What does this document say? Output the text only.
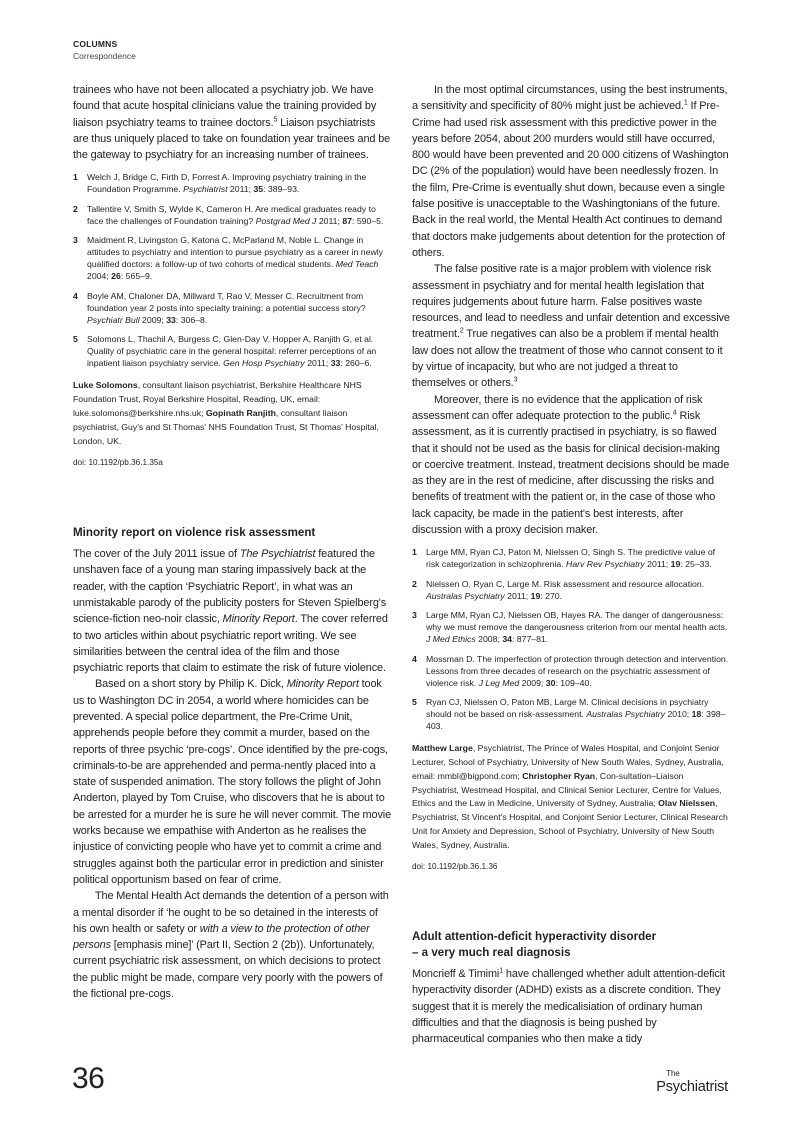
COLUMNS
Correspondence

trainees who have not been allocated a psychiatry job. We have found that acute hospital clinicians value the training provided by liaison psychiatry teams to trainee doctors.$^5$ Liaison psychiatrists are thus uniquely placed to take on foundation year trainees and be the gateway to psychiatry for an increasing number of trainees.

1	Welch J, Bridge C, Firth D, Forrest A. Improving psychiatry training in the Foundation Programme. Psychiatrist 2011; 35: 389–93.
2	Tallentire V, Smith S, Wylde K, Cameron H. Are medical graduates ready to face the challenges of Foundation training? Postgrad Med J 2011; 87: 590–5.
3	Maidment R, Livingston G, Katona C, McParland M, Noble L. Change in attitudes to psychiatry and intention to pursue psychiatry as a career in newly qualified doctors: a follow-up of two cohorts of medical students. Med Teach 2004; 26: 565–9.
4	Boyle AM, Chaloner DA, Millward T, Rao V, Messer C. Recruitment from foundation year 2 posts into specialty training: a potential success story? Psychiatr Bull 2009; 33: 306–8.
5	Solomons L, Thachil A, Burgess C, Glen-Day V, Hopper A, Ranjith G, et al. Quality of psychiatric care in the general hospital: referrer perceptions of an inpatient liaison psychiatry service. Gen Hosp Psychiatry 2011; 33: 260–6.
Luke Solomons, consultant liaison psychiatrist, Berkshire Healthcare NHS Foundation Trust, Royal Berkshire Hospital, Reading, UK, email: luke.solomons@berkshire.nhs.uk; Gopinath Ranjith, consultant liaison psychiatrist, Guy's and St Thomas' NHS Foundation Trust, St Thomas' Hospital, London, UK.
doi: 10.1192/pb.36.1.35a
Minority report on violence risk assessment

The cover of the July 2011 issue of The Psychiatrist featured the unshaven face of a young man staring impassively back at the reader, with the caption ‘Psychiatric Report’, in what was an unmistakable parody of the publicity posters for Steven Spielberg's science-fiction neo-noir classic, Minority Report. The cover referred to two articles within about psychiatric report writing. We see similarities between the central idea of the film and those psychiatric reports that claim to estimate the risk of future violence.

Based on a short story by Philip K. Dick, Minority Report took us to Washington DC in 2054, a world where homicides can be prevented. A special police department, the Pre-Crime Unit, apprehends people before they commit a murder, based on the reports of three psychic ‘pre-cogs’. Once identified by the pre-cogs, criminals-to-be are apprehended and perma-nently placed into a state of suspended animation. The story follows the plight of John Anderton, played by Tom Cruise, who discovers that he is about to be arrested for a murder he is sure he will never commit. The movie works because we empathise with Anderton as he realises the injustice of convicting people who have yet to commit a crime and struggles against both the particular error in prediction and sinister political opportunism based on fear of crime.

The Mental Health Act demands the detention of a person with a mental disorder if ‘he ought to be so detained in the interests of his own health or safety or with a view to the protection of other persons [emphasis mine]’ (Part II, Section 2 (2b)). Unfortunately, current psychiatric risk assessment, on which decisions to protect the public might be made, compare very poorly with the powers of the fictional pre-cogs.

In the most optimal circumstances, using the best instruments, a sensitivity and specificity of 80% might just be achieved.$^1$ If Pre-Crime had used risk assessment with this predictive power in the years before 2054, about 200 murders would still have occurred, 800 would have been prevented and 20 000 citizens of Washington DC (2% of the population) would have been needlessly frozen. In the film, Pre-Crime is eventually shut down, because even a single false positive is unacceptable to the Washingtonians of the future. Back in the real world, the Mental Health Act continues to demand that doctors make judgements about detention for the protection of others.

The false positive rate is a major problem with violence risk assessment in psychiatry and for mental health legislation that requires judgements about future harm. False positives waste resources, and lead to needless and unfair detention and excessive treatment.$^2$ True negatives can also be a problem if mental health law does not allow the treatment of those who cannot consent to it by virtue of incapacity, but who are not judged a threat to themselves or others.$^3$

Moreover, there is no evidence that the application of risk assessment can offer adequate protection to the public.$^4$ Risk assessment, as it is currently practised in psychiatry, is so flawed that it should not be used as the basis for clinical decision-making or coercive treatment. Instead, treatment decisions should be made as they are in the rest of medicine, after discussing the risks and benefits of treatment with the patient or, in the case of those who lack capacity, be made in the patient's best interests, after discussion with a proxy decision maker.

1	Large MM, Ryan CJ, Paton M, Nielssen O, Singh S. The predictive value of risk categorization in schizophrenia. Harv Rev Psychiatry 2011; 19: 25–33.
2	Nielssen O, Ryan C, Large M. Risk assessment and resource allocation. Australas Psychiatry 2011; 19: 270.
3	Large MM, Ryan CJ, Nielssen OB, Hayes RA. The danger of dangerousness: why we must remove the dangerousness criterion from our mental health acts. J Med Ethics 2008; 34: 877–81.
4	Mossman D. The imperfection of protection through detection and intervention. Lessons from three decades of research on the psychiatric assessment of violence risk. J Leg Med 2009; 30: 109–40.
5	Ryan CJ, Nielssen O, Paton MB, Large M. Clinical decisions in psychiatry should not be based on risk-assessment. Australas Psychiatry 2010; 18: 398–403.
Matthew Large, Psychiatrist, The Prince of Wales Hospital, and Conjoint Senior Lecturer, School of Psychiatry, University of New South Wales, Sydney, Australia, email: mmbl@bigpond.com; Christopher Ryan, Con-sultation–Liaison Psychiatrist, Westmead Hospital, and Clinical Senior Lecturer, Centre for Values, Ethics and the Law in Medicine, University of Sydney, Australia; Olav Nielssen, Psychiatrist, St Vincent's Hospital, and Conjoint Senior Lecturer, Clinical Research Unit for Anxiety and Depression, School of Psychiatry, University of New South Wales, Sydney, Australia.
doi: 10.1192/pb.36.1.36
Adult attention-deficit hyperactivity disorder
– a very much real diagnosis

Moncrieff & Timimi$^1$ have challenged whether adult attention-deficit hyperactivity disorder (ADHD) exists as a discrete condition. They suggest that it is merely the medicalisiation of ordinary human difficulties and that the diagnosis is being pushed by pharmaceutical companies who then make a tidy

36	The
Psychiatrist
